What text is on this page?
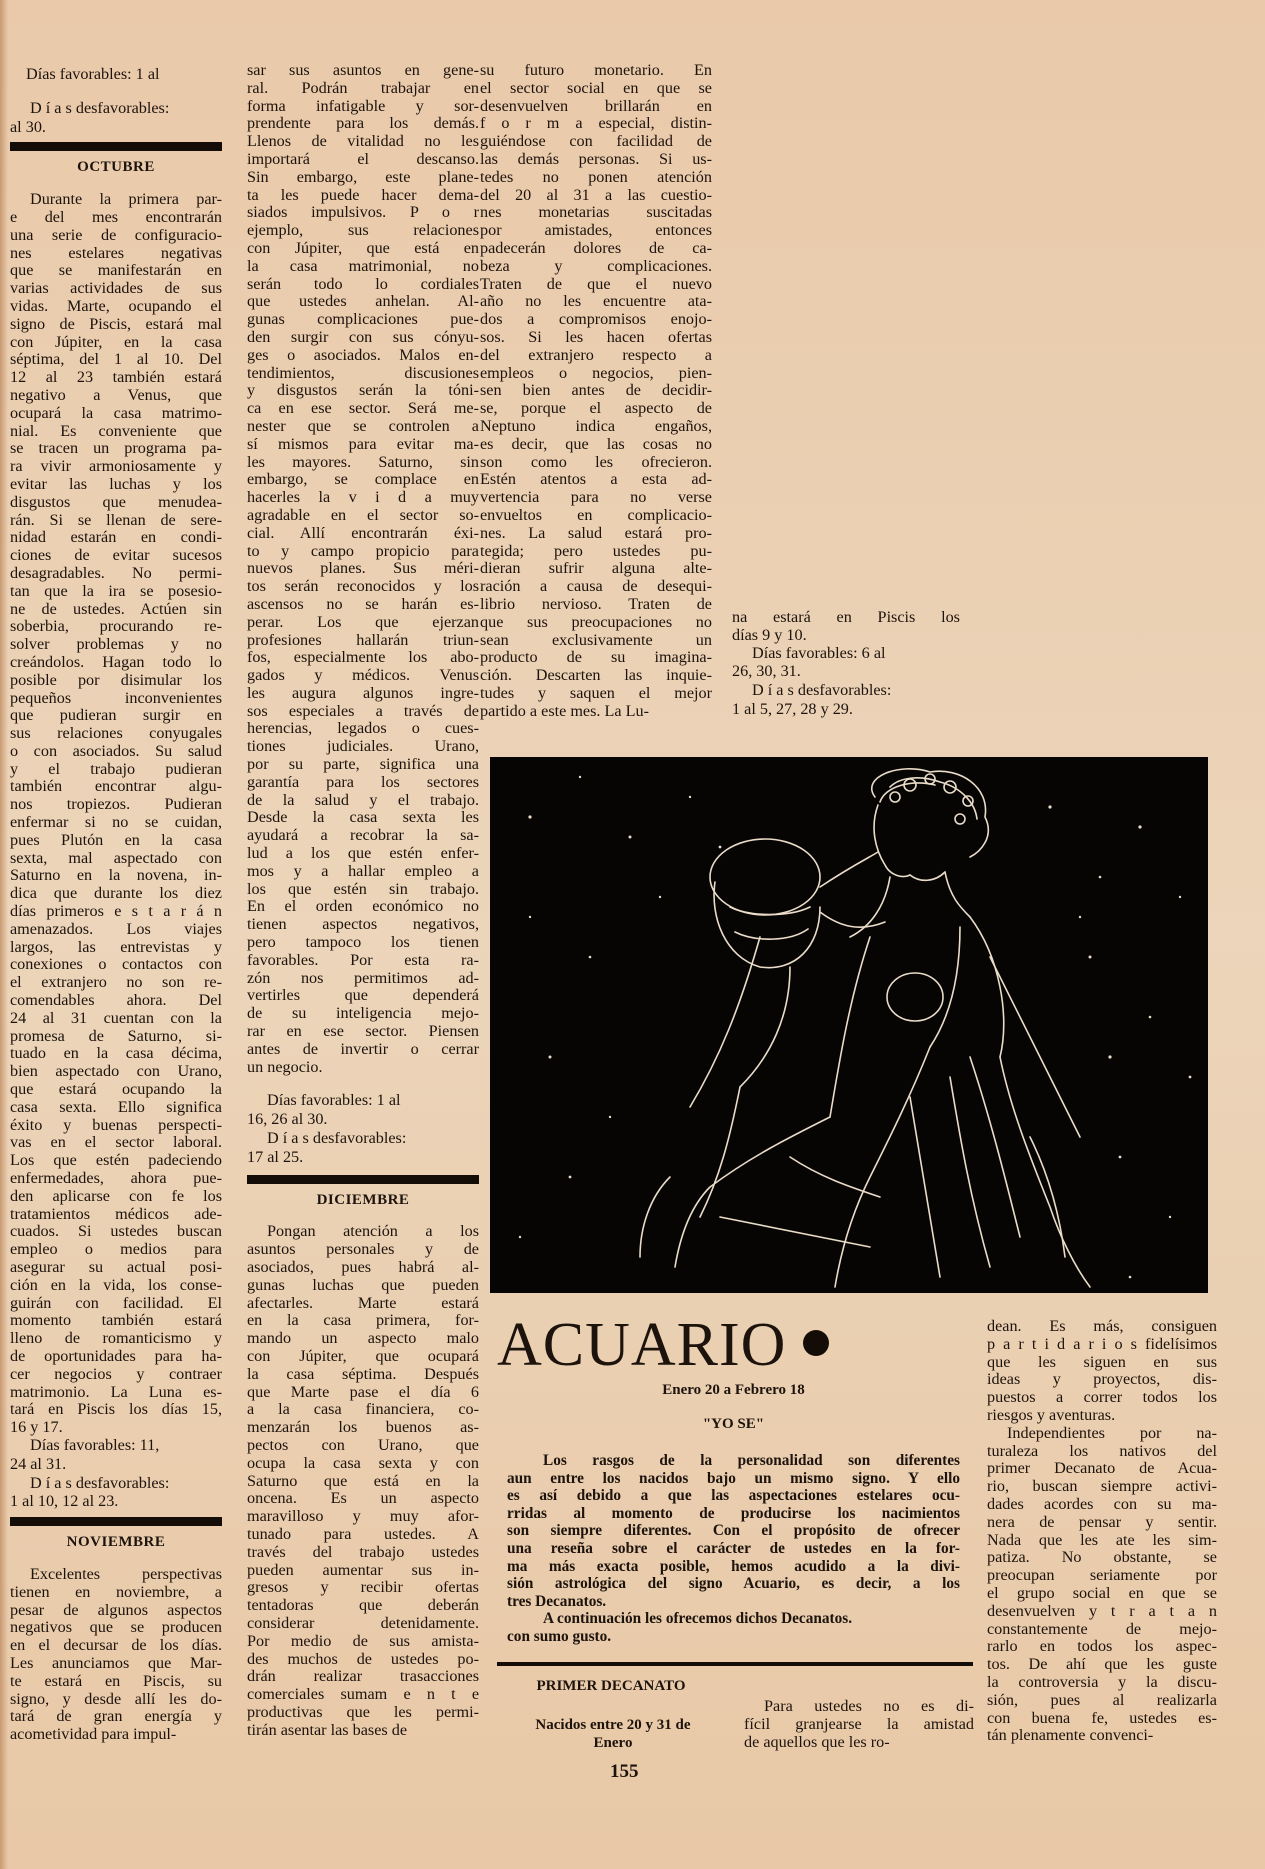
Días favorables: 1 al

D í a s desfavorables:

al 30.

OCTUBRE
Durante la primera par-
e del mes encontrarán
una serie de configuracio-
nes estelares negativas
que se manifestarán en
varias actividades de sus
vidas. Marte, ocupando el
signo de Piscis, estará mal
con Júpiter, en la casa
séptima, del 1 al 10. Del
12 al 23 también estará
negativo a Venus, que
ocupará la casa matrimo-
nial. Es conveniente que
se tracen un programa pa-
ra vivir armoniosamente y
evitar las luchas y los
disgustos que menudea-
rán. Si se llenan de sere-
nidad estarán en condi-
ciones de evitar sucesos
desagradables. No permi-
tan que la ira se posesio-
ne de ustedes. Actúen sin
soberbia, procurando re-
solver problemas y no
creándolos. Hagan todo lo
posible por disimular los
pequeños inconvenientes
que pudieran surgir en
sus relaciones conyugales
o con asociados. Su salud
y el trabajo pudieran
también encontrar algu-
nos tropiezos. Pudieran
enfermar si no se cuidan,
pues Plutón en la casa
sexta, mal aspectado con
Saturno en la novena, in-
dica que durante los diez
días primeros e s t a r á n
amenazados. Los viajes
largos, las entrevistas y
conexiones o contactos con
el extranjero no son re-
comendables ahora. Del
24 al 31 cuentan con la
promesa de Saturno, si-
tuado en la casa décima,
bien aspectado con Urano,
que estará ocupando la
casa sexta. Ello significa
éxito y buenas perspecti-
vas en el sector laboral.
Los que estén padeciendo
enfermedades, ahora pue-
den aplicarse con fe los
tratamientos médicos ade-
cuados. Si ustedes buscan
empleo o medios para
asegurar su actual posi-
ción en la vida, los conse-
guirán con facilidad. El
momento también estará
lleno de romanticismo y
de oportunidades para ha-
cer negocios y contraer
matrimonio. La Luna es-
tará en Piscis los días 15,
16 y 17.

Días favorables: 11,

24 al 31.

D í a s desfavorables:

1 al 10, 12 al 23.

NOVIEMBRE
Excelentes perspectivas
tienen en noviembre, a
pesar de algunos aspectos
negativos que se producen
en el decursar de los días.
Les anunciamos que Mar-
te estará en Piscis, su
signo, y desde allí les do-
tará de gran energía y
acometividad para impul-
sar sus asuntos en gene-
ral. Podrán trabajar en
forma infatigable y sor-
prendente para los demás.
Llenos de vitalidad no les
importará el descanso.
Sin embargo, este plane-
ta les puede hacer dema-
siados impulsivos. P o r
ejemplo, sus relaciones
con Júpiter, que está en
la casa matrimonial, no
serán todo lo cordiales
que ustedes anhelan. Al-
gunas complicaciones pue-
den surgir con sus cónyu-
ges o asociados. Malos en-
tendimientos, discusiones
y disgustos serán la tóni-
ca en ese sector. Será me-
nester que se controlen a
sí mismos para evitar ma-
les mayores. Saturno, sin
embargo, se complace en
hacerles la v i d a muy
agradable en el sector so-
cial. Allí encontrarán éxi-
to y campo propicio para
nuevos planes. Sus méri-
tos serán reconocidos y los
ascensos no se harán es-
perar. Los que ejerzan
profesiones hallarán triun-
fos, especialmente los abo-
gados y médicos. Venus
les augura algunos ingre-
sos especiales a través de
herencias, legados o cues-
tiones judiciales. Urano,
por su parte, significa una
garantía para los sectores
de la salud y el trabajo.
Desde la casa sexta les
ayudará a recobrar la sa-
lud a los que estén enfer-
mos y a hallar empleo a
los que estén sin trabajo.
En el orden económico no
tienen aspectos negativos,
pero tampoco los tienen
favorables. Por esta ra-
zón nos permitimos ad-
vertirles que dependerá
de su inteligencia mejo-
rar en ese sector. Piensen
antes de invertir o cerrar
un negocio.

Días favorables: 1 al

16, 26 al 30.

D í a s desfavorables:

17 al 25.

DICIEMBRE
Pongan atención a los
asuntos personales y de
asociados, pues habrá al-
gunas luchas que pueden
afectarles. Marte estará
en la casa primera, for-
mando un aspecto malo
con Júpiter, que ocupará
la casa séptima. Después
que Marte pase el día 6
a la casa financiera, co-
menzarán los buenos as-
pectos con Urano, que
ocupa la casa sexta y con
Saturno que está en la
oncena. Es un aspecto
maravilloso y muy afor-
tunado para ustedes. A
través del trabajo ustedes
pueden aumentar sus in-
gresos y recibir ofertas
tentadoras que deberán
considerar detenidamente.
Por medio de sus amista-
des muchos de ustedes po-
drán realizar trasacciones
comerciales sumam e n t e
productivas que les permi-
tirán asentar las bases de
su futuro monetario. En
el sector social en que se
desenvuelven brillarán en
f o r m a especial, distin-
guiéndose con facilidad de
las demás personas. Si us-
tedes no ponen atención
del 20 al 31 a las cuestio-
nes monetarias suscitadas
por amistades, entonces
padecerán dolores de ca-
beza y complicaciones.
Traten de que el nuevo
año no les encuentre ata-
dos a compromisos enojo-
sos. Si les hacen ofertas
del extranjero respecto a
empleos o negocios, pien-
sen bien antes de decidir-
se, porque el aspecto de
Neptuno indica engaños,
es decir, que las cosas no
son como les ofrecieron.
Estén atentos a esta ad-
vertencia para no verse
envueltos en complicacio-
nes. La salud estará pro-
tegida; pero ustedes pu-
dieran sufrir alguna alte-
ración a causa de desequi-
librio nervioso. Traten de
que sus preocupaciones no
sean exclusivamente un
producto de su imagina-
ción. Descarten las inquie-
tudes y saquen el mejor
partido a este mes. La Lu-
na estará en Piscis los
días 9 y 10.

Días favorables: 6 al

26, 30, 31.

D í a s desfavorables:

1 al 5, 27, 28 y 29.

ACUARIO
Enero 20 a Febrero 18
"YO SE"
Los rasgos de la personalidad son diferentes
aun entre los nacidos bajo un mismo signo. Y ello
es así debido a que las aspectaciones estelares ocu-
rridas al momento de producirse los nacimientos
son siempre diferentes. Con el propósito de ofrecer
una reseña sobre el carácter de ustedes en la for-
ma más exacta posible, hemos acudido a la divi-
sión astrológica del signo Acuario, es decir, a los
tres Decanatos.

A continuación les ofrecemos dichos Decanatos.

con sumo gusto.

PRIMER DECANATO
Nacidos entre 20 y 31 de
Enero
Para ustedes no es di-
fícil granjearse la amistad
de aquellos que les ro-
dean. Es más, consiguen
p a r t i d a r i o s fidelísimos
que les siguen en sus
ideas y proyectos, dis-
puestos a correr todos los
riesgos y aventuras.
Independientes por na-
turaleza los nativos del
primer Decanato de Acua-
rio, buscan siempre activi-
dades acordes con su ma-
nera de pensar y sentir.
Nada que les ate les sim-
patiza. No obstante, se
preocupan seriamente por
el grupo social en que se
desenvuelven y t r a t a n
constantemente de mejo-
rarlo en todos los aspec-
tos. De ahí que les guste
la controversia y la discu-
sión, pues al realizarla
con buena fe, ustedes es-
tán plenamente convenci-
155
